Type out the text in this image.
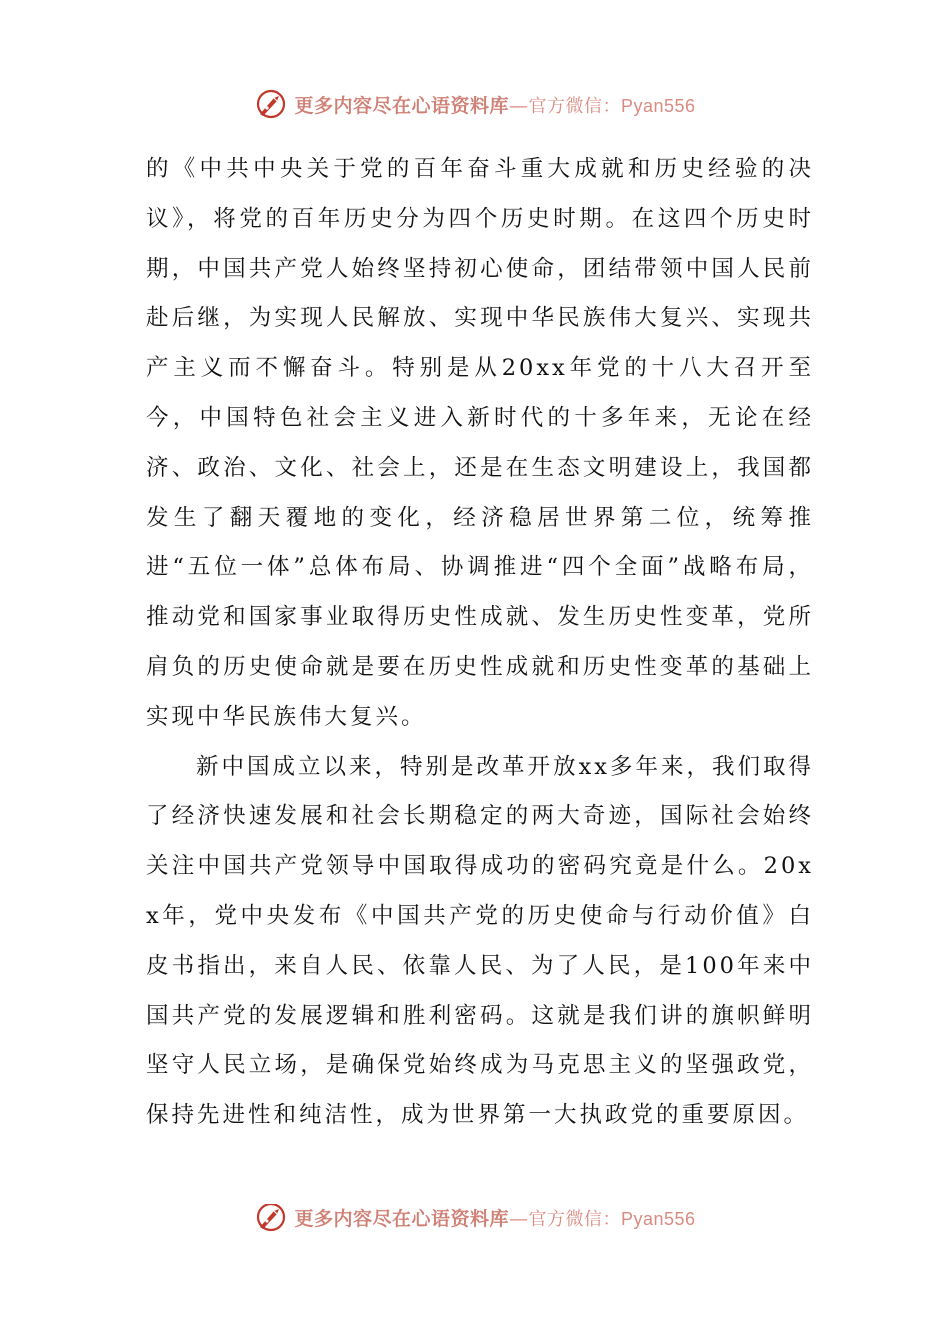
更多内容尽在心语资料库—官方微信：Pyan556

的《中共中央关于党的百年奋斗重大成就和历史经验的决议》，将党的百年历史分为四个历史时期。在这四个历史时期，中国共产党人始终坚持初心使命，团结带领中国人民前赴后继，为实现人民解放、实现中华民族伟大复兴、实现共产主义而不懈奋斗。特别是从20xx年党的十八大召开至今，中国特色社会主义进入新时代的十多年来，无论在经济、政治、文化、社会上，还是在生态文明建设上，我国都发生了翻天覆地的变化，经济稳居世界第二位，统筹推进“五位一体”总体布局、协调推进“四个全面”战略布局，推动党和国家事业取得历史性成就、发生历史性变革，党所肩负的历史使命就是要在历史性成就和历史性变革的基础上实现中华民族伟大复兴。

新中国成立以来，特别是改革开放xx多年来，我们取得了经济快速发展和社会长期稳定的两大奇迹，国际社会始终关注中国共产党领导中国取得成功的密码究竟是什么。20xx年，党中央发布《中国共产党的历史使命与行动价值》白皮书指出，来自人民、依靠人民、为了人民，是100年来中国共产党的发展逻辑和胜利密码。这就是我们讲的旗帜鲜明坚守人民立场，是确保党始终成为马克思主义的坚强政党，保持先进性和纯洁性，成为世界第一大执政党的重要原因。

更多内容尽在心语资料库—官方微信：Pyan556
